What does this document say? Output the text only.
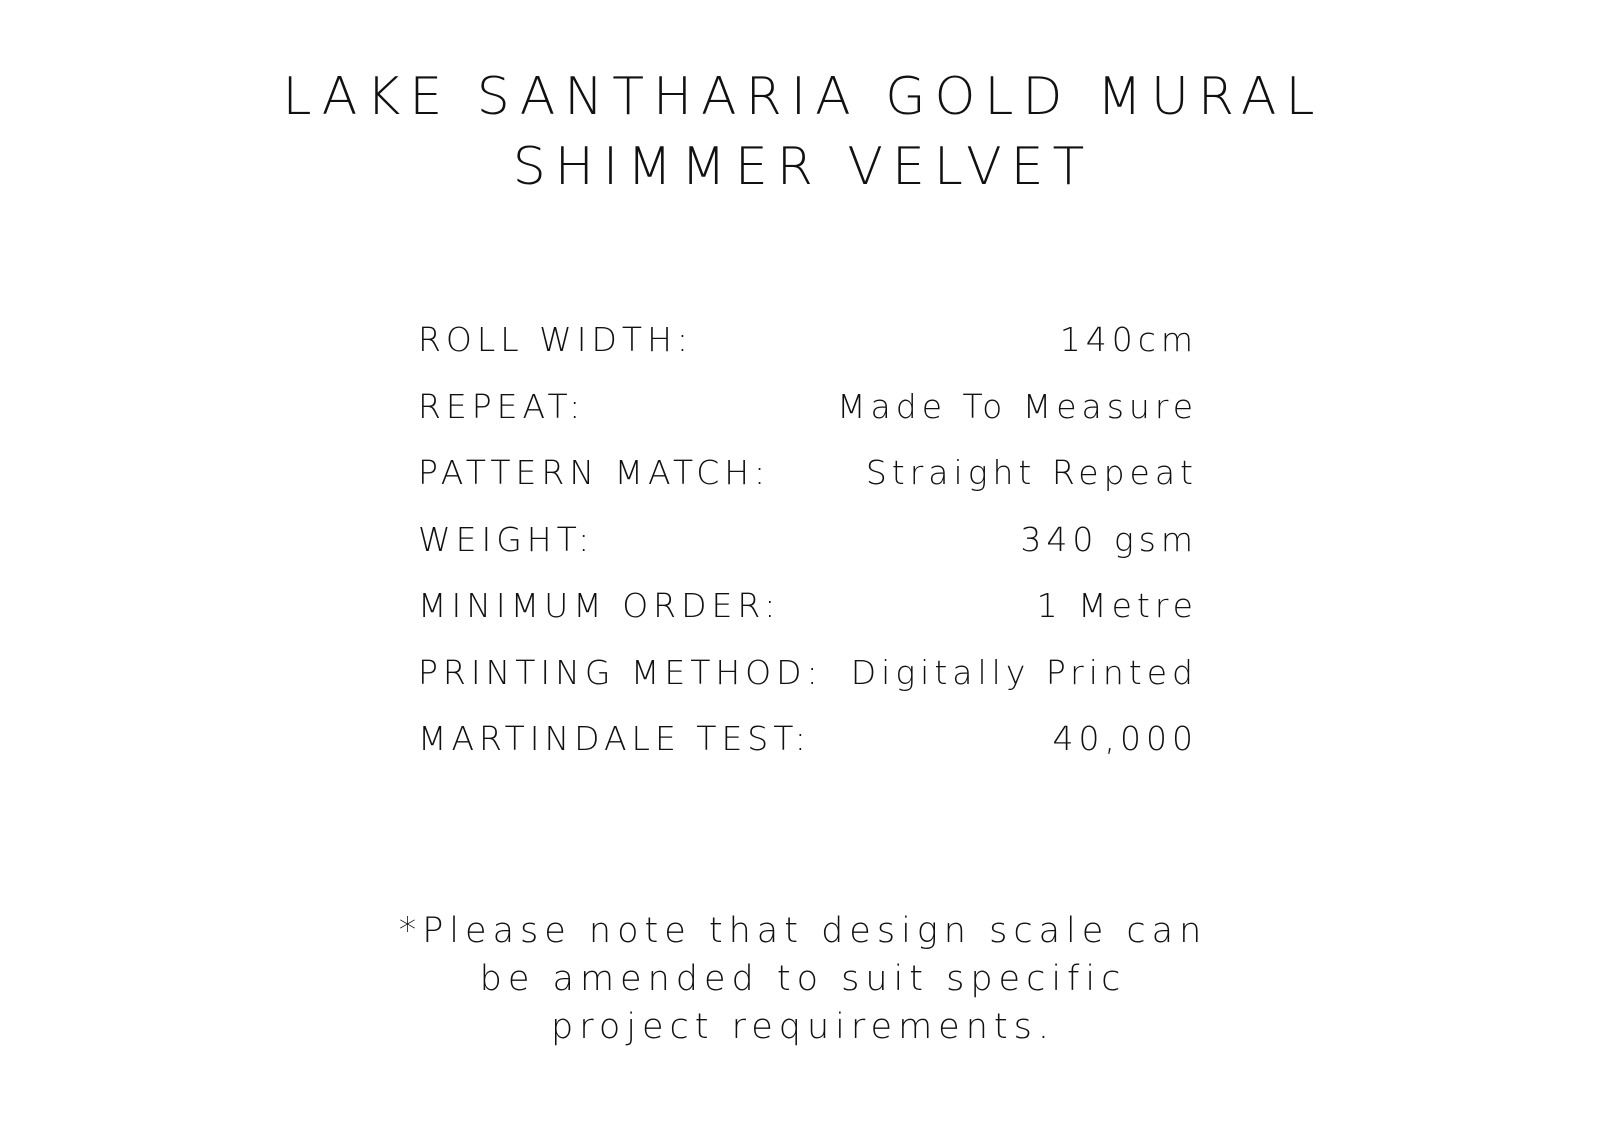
LAKE SANTHARIA GOLD MURAL
SHIMMER VELVET
ROLL WIDTH:	140cm
REPEAT:	Made To Measure
PATTERN MATCH:	Straight Repeat
WEIGHT:	340 gsm
MINIMUM ORDER:	1 Metre
PRINTING METHOD: Digitally Printed
MARTINDALE TEST:	40,000

*Please note that design scale can
be amended to suit specific
project requirements.
